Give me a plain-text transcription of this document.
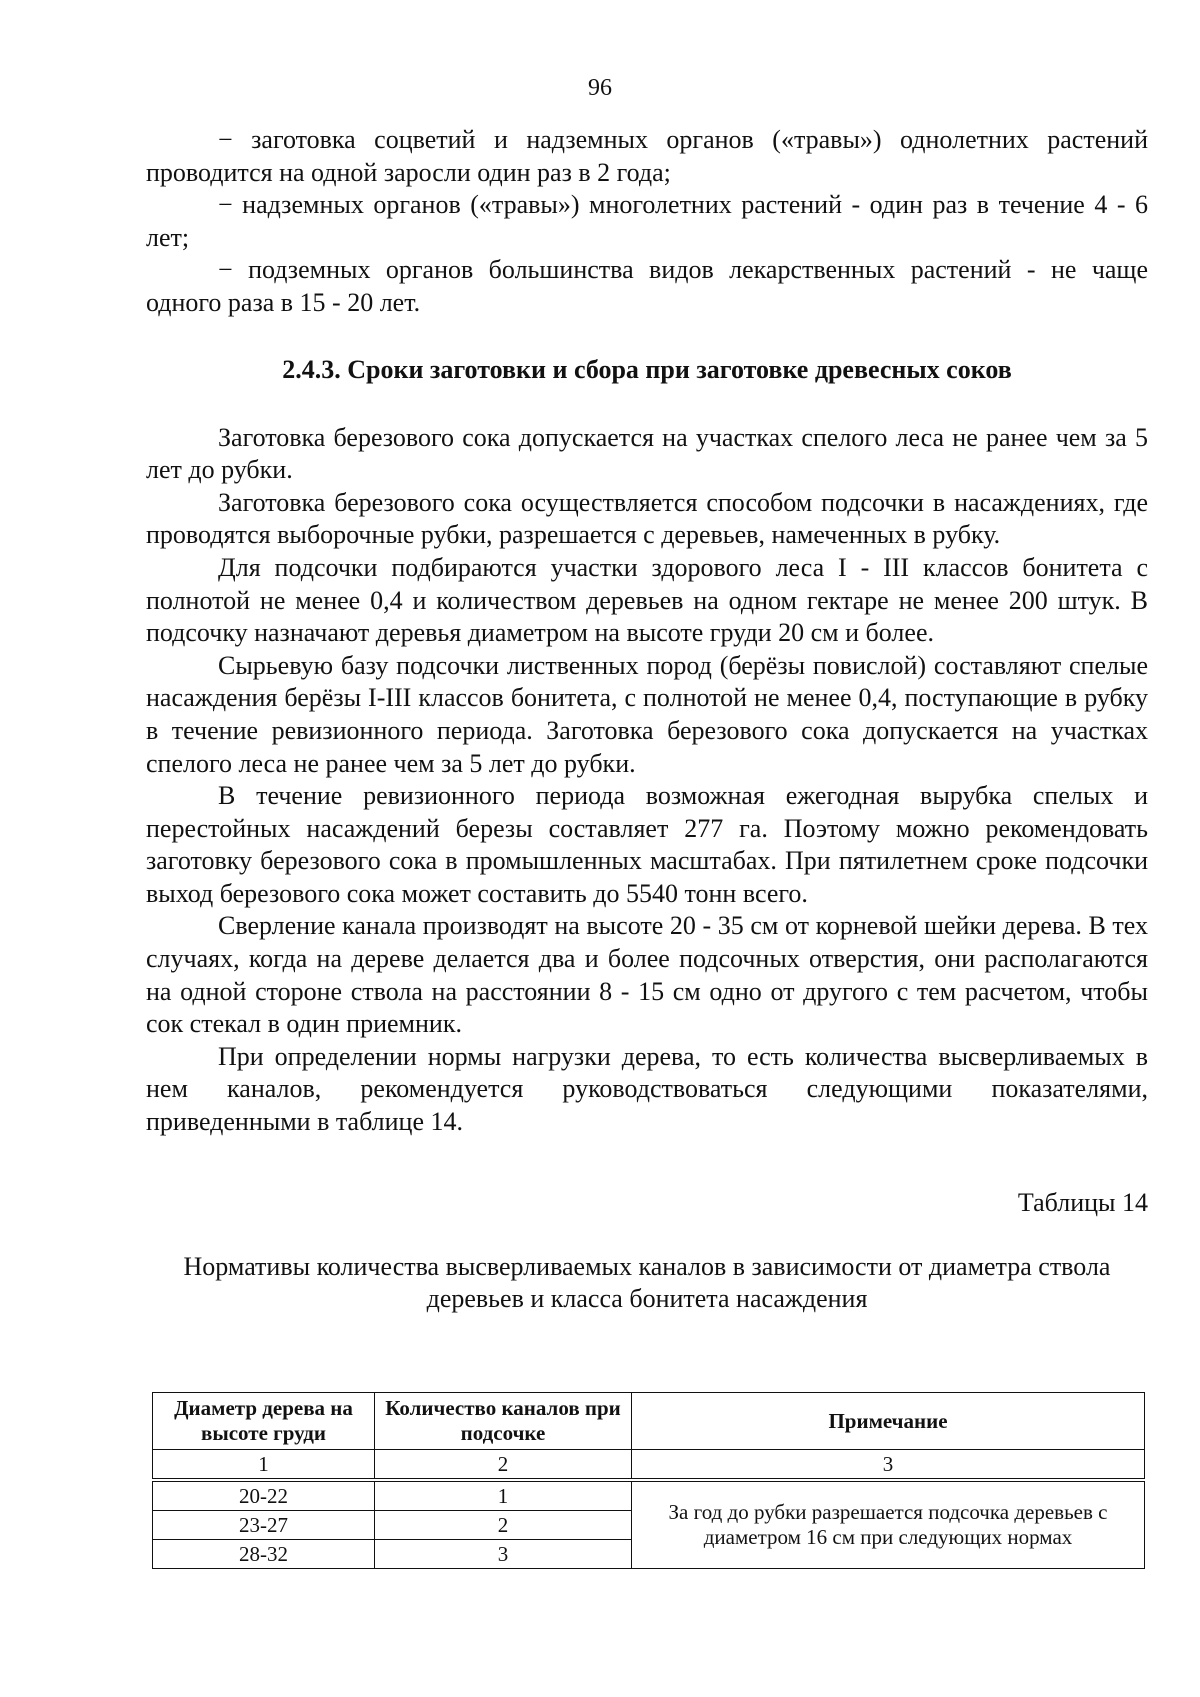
96

− заготовка соцветий и надземных органов («травы») однолетних растений проводится на одной заросли один раз в 2 года;

− надземных органов («травы») многолетних растений - один раз в течение 4 - 6 лет;

− подземных органов большинства видов лекарственных растений - не чаще одного раза в 15 - 20 лет.

2.4.3. Сроки заготовки и сбора при заготовке древесных соков

Заготовка березового сока допускается на участках спелого леса не ранее чем за 5 лет до рубки.

Заготовка березового сока осуществляется способом подсочки в насаждениях, где проводятся выборочные рубки, разрешается с деревьев, намеченных в рубку.

Для подсочки подбираются участки здорового леса I - III классов бонитета с полнотой не менее 0,4 и количеством деревьев на одном гектаре не менее 200 штук. В подсочку назначают деревья диаметром на высоте груди 20 см и более.

Сырьевую базу подсочки лиственных пород (берёзы повислой) составляют спелые насаждения берёзы I-III классов бонитета, с полнотой не менее 0,4, поступающие в рубку в течение ревизионного периода. Заготовка березового сока допускается на участках спелого леса не ранее чем за 5 лет до рубки.

В течение ревизионного периода возможная ежегодная вырубка спелых и перестойных насаждений березы составляет 277 га. Поэтому можно рекомендовать заготовку березового сока в промышленных масштабах. При пятилетнем сроке подсочки выход березового сока может составить до 5540 тонн всего.

Сверление канала производят на высоте 20 - 35 см от корневой шейки дерева. В тех случаях, когда на дереве делается два и более подсочных отверстия, они располагаются на одной стороне ствола на расстоянии 8 - 15 см одно от другого с тем расчетом, чтобы сок стекал в один приемник.

При определении нормы нагрузки дерева, то есть количества высверливаемых в нем каналов, рекомендуется руководствоваться следующими показателями, приведенными в таблице 14.

Таблицы 14
Нормативы количества высверливаемых каналов в зависимости от диаметра ствола деревьев и класса бонитета насаждения
Диаметр дерева на высоте груди	Количество каналов при подсочке	Примечание
1	2	3
20-22	1	За год до рубки разрешается подсочка деревьев с диаметром 16 см при следующих нормах
23-27	2	
28-32	3	
